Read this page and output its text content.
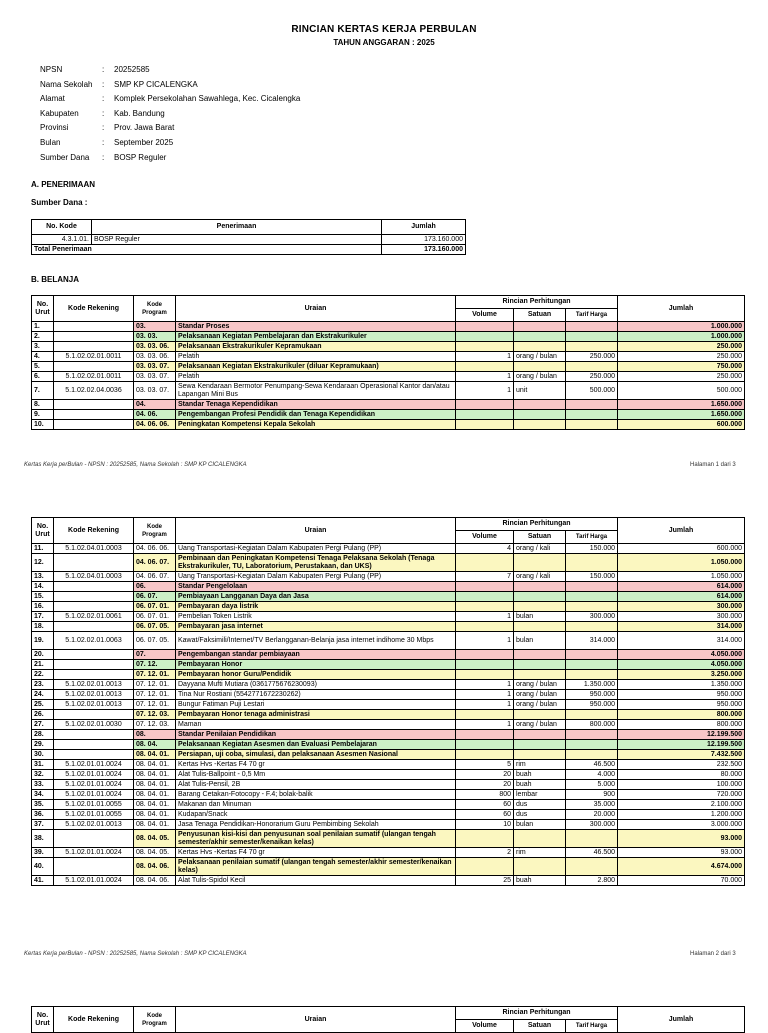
RINCIAN KERTAS KERJA PERBULAN
TAHUN ANGGARAN : 2025
NPSN	:	20252585
Nama Sekolah	:	SMP KP CICALENGKA
Alamat	:	Komplek Persekolahan Sawahlega, Kec. Cicalengka
Kabupaten	:	Kab. Bandung
Provinsi	:	Prov. Jawa Barat
Bulan	:	September 2025
Sumber Dana	:	BOSP Reguler
A. PENERIMAAN
Sumber Dana :
No. Kode	Penerimaan	Jumlah
4.3.1.01.	BOSP Reguler	173.160.000
Total Penerimaan		173.160.000
B. BELANJA
No. Urut	Kode Rekening	Kode Program	Uraian	Rincian Perhitungan			Jumlah
				Volume	Satuan	Tarif Harga	
1.		03.	Standar Proses				1.000.000
2.		03. 03.	Pelaksanaan Kegiatan Pembelajaran dan Ekstrakurikuler				1.000.000
3.		03. 03. 06.	Pelaksanaan Ekstrakurikuler Kepramukaan				250.000
4.	5.1.02.02.01.0011	03. 03. 06.	Pelatih	1	orang / bulan	250.000	250.000
5.		03. 03. 07.	Pelaksanaan Kegiatan Ekstrakurikuler (diluar Kepramukaan)				750.000
6.	5.1.02.02.01.0011	03. 03. 07.	Pelatih	1	orang / bulan	250.000	250.000
7.	5.1.02.02.04.0036	03. 03. 07.	Sewa Kendaraan Bermotor Penumpang-Sewa Kendaraan Operasional Kantor dan/atau Lapangan Mini Bus	1	unit	500.000	500.000
8.		04.	Standar Tenaga Kependidikan				1.650.000
9.		04. 06.	Pengembangan Profesi Pendidik dan Tenaga Kependidikan				1.650.000
10.		04. 06. 06.	Peningkatan Kompetensi Kepala Sekolah				600.000
Kertas Kerja perBulan - NPSN : 20252585, Nama Sekolah : SMP KP CICALENGKA	Halaman 1 dari 3
No. Urut	Kode Rekening	Kode Program	Uraian	Rincian Perhitungan			Jumlah
				Volume	Satuan	Tarif Harga	
11.	5.1.02.04.01.0003	04. 06. 06.	Uang Transportasi-Kegiatan Dalam Kabupaten Pergi Pulang (PP)	4	orang / kali	150.000	600.000
12.		04. 06. 07.	Pembinaan dan Peningkatan Kompetensi Tenaga Pelaksana Sekolah (Tenaga Ekstrakurikuler, TU, Laboratorium, Perustakaan, dan UKS)				1.050.000
13.	5.1.02.04.01.0003	04. 06. 07.	Uang Transportasi-Kegiatan Dalam Kabupaten Pergi Pulang (PP)	7	orang / kali	150.000	1.050.000
14.		06.	Standar Pengelolaan				614.000
15.		06. 07.	Pembiayaan Langganan Daya dan Jasa				614.000
16.		06. 07. 01.	Pembayaran daya listrik				300.000
17.	5.1.02.02.01.0061	06. 07. 01.	Pembelian Token Listrik	1	bulan	300.000	300.000
18.		06. 07. 05.	Pembayaran jasa internet				314.000
19.	5.1.02.02.01.0063	06. 07. 05.	Kawat/Faksimili/Internet/TV Berlangganan-Belanja jasa internet indihome 30 Mbps	1	bulan	314.000	314.000
20.		07.	Pengembangan standar pembiayaan				4.050.000
21.		07. 12.	Pembayaran Honor				4.050.000
22.		07. 12. 01.	Pembayaran honor Guru/Pendidik				3.250.000
23.	5.1.02.02.01.0013	07. 12. 01.	Dayyana Mufti Mutiara (0361775676230093)	1	orang / bulan	1.350.000	1.350.000
24.	5.1.02.02.01.0013	07. 12. 01.	Tina Nur Rostiani (5542771672230262)	1	orang / bulan	950.000	950.000
25.	5.1.02.02.01.0013	07. 12. 01.	Bungur Fatiman Puji Lestari	1	orang / bulan	950.000	950.000
26.		07. 12. 03.	Pembayaran Honor tenaga administrasi				800.000
27.	5.1.02.02.01.0030	07. 12. 03.	Maman	1	orang / bulan	800.000	800.000
28.		08.	Standar Penilaian Pendidikan				12.199.500
29.		08. 04.	Pelaksanaan Kegiatan Asesmen dan Evaluasi Pembelajaran				12.199.500
30.		08. 04. 01.	Persiapan, uji coba, simulasi, dan pelaksanaan Asesmen Nasional				7.432.500
31.	5.1.02.01.01.0024	08. 04. 01.	Kertas Hvs -Kertas F4 70 gr	5	rim	46.500	232.500
32.	5.1.02.01.01.0024	08. 04. 01.	Alat Tulis-Ballpoint - 0,5 Mm	20	buah	4.000	80.000
33.	5.1.02.01.01.0024	08. 04. 01.	Alat Tulis-Pensil, 2B	20	buah	5.000	100.000
34.	5.1.02.01.01.0024	08. 04. 01.	Barang Cetakan-Fotocopy - F.4; bolak-balik	800	lembar	900	720.000
35.	5.1.02.01.01.0055	08. 04. 01.	Makanan dan Minuman	60	dus	35.000	2.100.000
36.	5.1.02.01.01.0055	08. 04. 01.	Kudapan/Snack	60	dus	20.000	1.200.000
37.	5.1.02.02.01.0013	08. 04. 01.	Jasa Tenaga Pendidikan-Honorarium Guru Pembimbing Sekolah	10	bulan	300.000	3.000.000
38.		08. 04. 05.	Penyusunan kisi-kisi dan penyusunan soal penilaian sumatif (ulangan tengah semester/akhir semester/kenaikan kelas)				93.000
39.	5.1.02.01.01.0024	08. 04. 05.	Kertas Hvs -Kertas F4 70 gr	2	rim	46.500	93.000
40.		08. 04. 06.	Pelaksanaan penilaian sumatif (ulangan tengah semester/akhir semester/kenaikan kelas)				4.674.000
41.	5.1.02.01.01.0024	08. 04. 06.	Alat Tulis-Spidol Kecil	25	buah	2.800	70.000
Kertas Kerja perBulan - NPSN : 20252585, Nama Sekolah : SMP KP CICALENGKA	Halaman 2 dari 3
No. Urut	Kode Rekening	Kode Program	Uraian	Rincian Perhitungan			Jumlah
				Volume	Satuan	Tarif Harga	
